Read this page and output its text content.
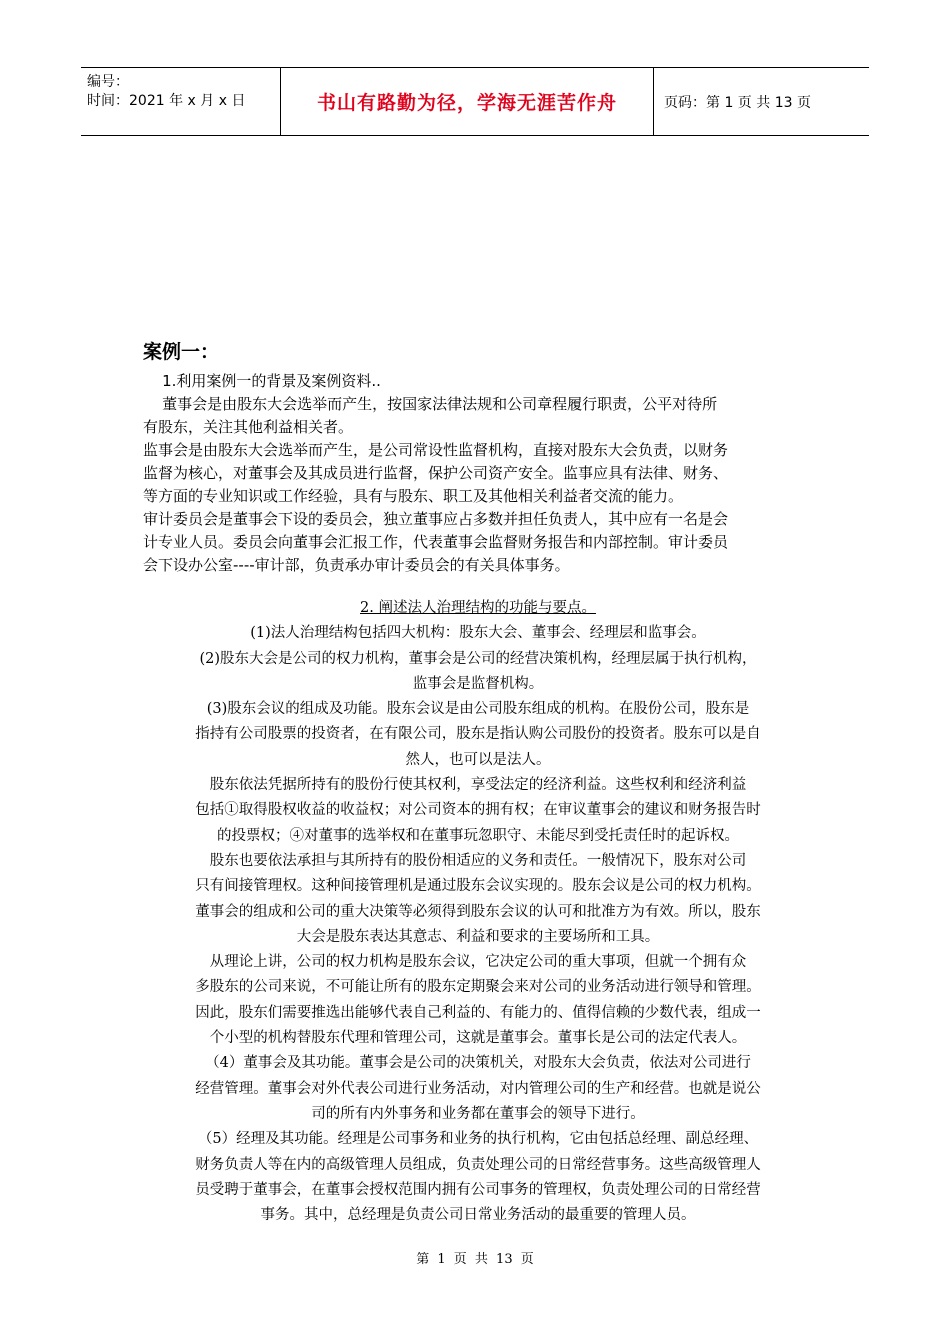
编号：
时间：2021 年 x 月 x 日	书山有路勤为径，学海无涯苦作舟	页码：第 1 页 共 13 页
案例一：
1.利用案例一的背景及案例资料..
董事会是由股东大会选举而产生，按国家法律法规和公司章程履行职责，公平对待所
有股东，关注其他利益相关者。
监事会是由股东大会选举而产生，是公司常设性监督机构，直接对股东大会负责，以财务
监督为核心，对董事会及其成员进行监督，保护公司资产安全。监事应具有法律、财务、
等方面的专业知识或工作经验，具有与股东、职工及其他相关利益者交流的能力。
审计委员会是董事会下设的委员会，独立董事应占多数并担任负责人，其中应有一名是会
计专业人员。委员会向董事会汇报工作，代表董事会监督财务报告和内部控制。审计委员
会下设办公室----审计部，负责承办审计委员会的有关具体事务。
2. 阐述法人治理结构的功能与要点。
(1)法人治理结构包括四大机构：股东大会、董事会、经理层和监事会。
(2)股东大会是公司的权力机构，董事会是公司的经营决策机构，经理层属于执行机构，
监事会是监督机构。
(3)股东会议的组成及功能。股东会议是由公司股东组成的机构。在股份公司，股东是
指持有公司股票的投资者，在有限公司，股东是指认购公司股份的投资者。股东可以是自
然人，也可以是法人。
股东依法凭据所持有的股份行使其权利，享受法定的经济利益。这些权利和经济利益
包括①取得股权收益的收益权；对公司资本的拥有权；在审议董事会的建议和财务报告时
的投票权；④对董事的选举权和在董事玩忽职守、未能尽到受托责任时的起诉权。
股东也要依法承担与其所持有的股份相适应的义务和责任。一般情况下，股东对公司
只有间接管理权。这种间接管理机是通过股东会议实现的。股东会议是公司的权力机构。
董事会的组成和公司的重大决策等必须得到股东会议的认可和批准方为有效。所以，股东
大会是股东表达其意志、利益和要求的主要场所和工具。
从理论上讲，公司的权力机构是股东会议，它决定公司的重大事项，但就一个拥有众
多股东的公司来说，不可能让所有的股东定期聚会来对公司的业务活动进行领导和管理。
因此，股东们需要推选出能够代表自己利益的、有能力的、值得信赖的少数代表，组成一
个小型的机构替股东代理和管理公司，这就是董事会。董事长是公司的法定代表人。
（4）董事会及其功能。董事会是公司的决策机关，对股东大会负责，依法对公司进行
经营管理。董事会对外代表公司进行业务活动，对内管理公司的生产和经营。也就是说公
司的所有内外事务和业务都在董事会的领导下进行。
（5）经理及其功能。经理是公司事务和业务的执行机构，它由包括总经理、副总经理、
财务负责人等在内的高级管理人员组成，负责处理公司的日常经营事务。这些高级管理人
员受聘于董事会，在董事会授权范围内拥有公司事务的管理权，负责处理公司的日常经营
事务。其中，总经理是负责公司日常业务活动的最重要的管理人员。
第 1 页 共 13 页
